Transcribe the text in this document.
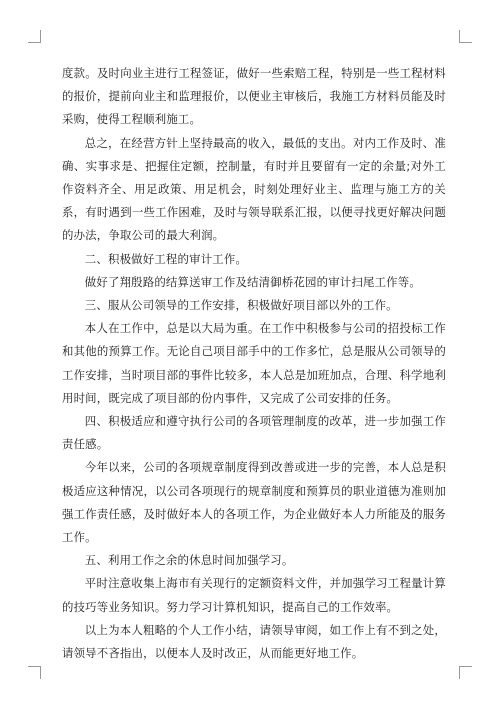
度款。及时向业主进行工程签证，做好一些索赔工程，特别是一些工程材料的报价，提前向业主和监理报价，以便业主审核后，我施工方材料员能及时采购，使得工程顺利施工。

总之，在经营方针上坚持最高的收入，最低的支出。对内工作及时、准确、实事求是、把握住定额，控制量，有时并且要留有一定的余量;对外工作资料齐全、用足政策、用足机会，时刻处理好业主、监理与施工方的关系，有时遇到一些工作困难，及时与领导联系汇报，以便寻找更好解决问题的办法，争取公司的最大利润。

二、积极做好工程的审计工作。

做好了翔殷路的结算送审工作及结清御桥花园的审计扫尾工作等。

三、服从公司领导的工作安排，积极做好项目部以外的工作。

本人在工作中，总是以大局为重。在工作中积极参与公司的招投标工作和其他的预算工作。无论自己项目部手中的工作多忙，总是服从公司领导的工作安排，当时项目部的事件比较多，本人总是加班加点，合理、科学地利用时间，既完成了项目部的份内事件，又完成了公司安排的任务。

四、积极适应和遵守执行公司的各项管理制度的改革，进一步加强工作责任感。

今年以来，公司的各项规章制度得到改善或进一步的完善，本人总是积极适应这种情况，以公司各项现行的规章制度和预算员的职业道德为准则加强工作责任感，及时做好本人的各项工作，为企业做好本人力所能及的服务工作。

五、利用工作之余的休息时间加强学习。

平时注意收集上海市有关现行的定额资料文件，并加强学习工程量计算的技巧等业务知识。努力学习计算机知识，提高自己的工作效率。

以上为本人粗略的个人工作小结，请领导审阅，如工作上有不到之处，请领导不吝指出，以便本人及时改正，从而能更好地工作。
